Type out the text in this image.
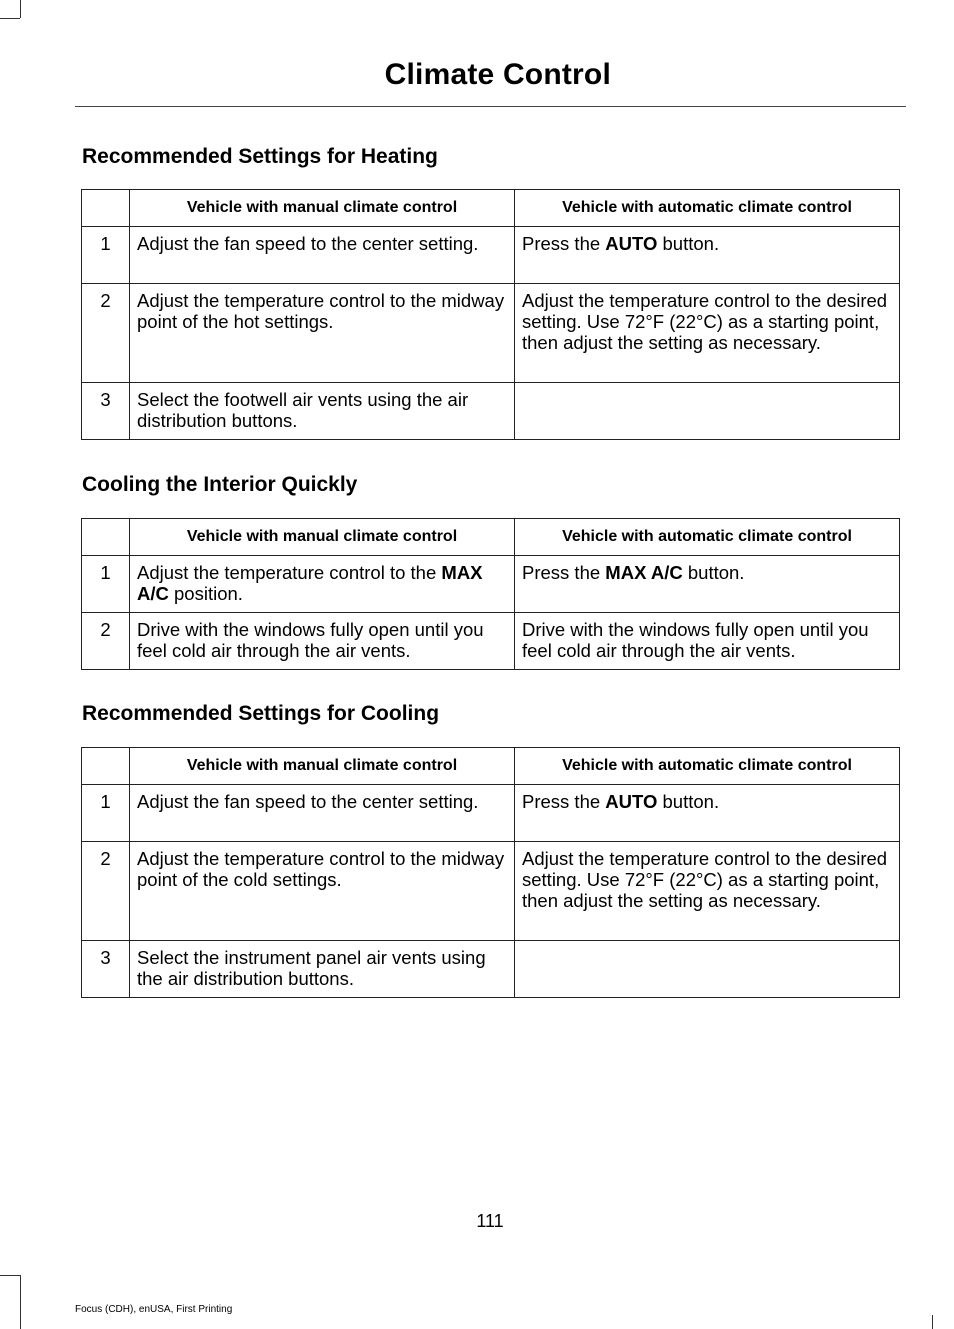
Climate Control
Recommended Settings for Heating
	Vehicle with manual climate control	Vehicle with automatic climate control
1	Adjust the fan speed to the center setting.	Press the AUTO button.
2	Adjust the temperature control to the midway point of the hot settings.	Adjust the temperature control to the desired setting. Use 72°F (22°C) as a starting point, then adjust the setting as necessary.
3	Select the footwell air vents using the air distribution buttons.	
Cooling the Interior Quickly
	Vehicle with manual climate control	Vehicle with automatic climate control
1	Adjust the temperature control to the MAX A/C position.	Press the MAX A/C button.
2	Drive with the windows fully open until you feel cold air through the air vents.	Drive with the windows fully open until you feel cold air through the air vents.
Recommended Settings for Cooling
	Vehicle with manual climate control	Vehicle with automatic climate control
1	Adjust the fan speed to the center setting.	Press the AUTO button.
2	Adjust the temperature control to the midway point of the cold settings.	Adjust the temperature control to the desired setting. Use 72°F (22°C) as a starting point, then adjust the setting as necessary.
3	Select the instrument panel air vents using the air distribution buttons.	
111
Focus (CDH), enUSA, First Printing
